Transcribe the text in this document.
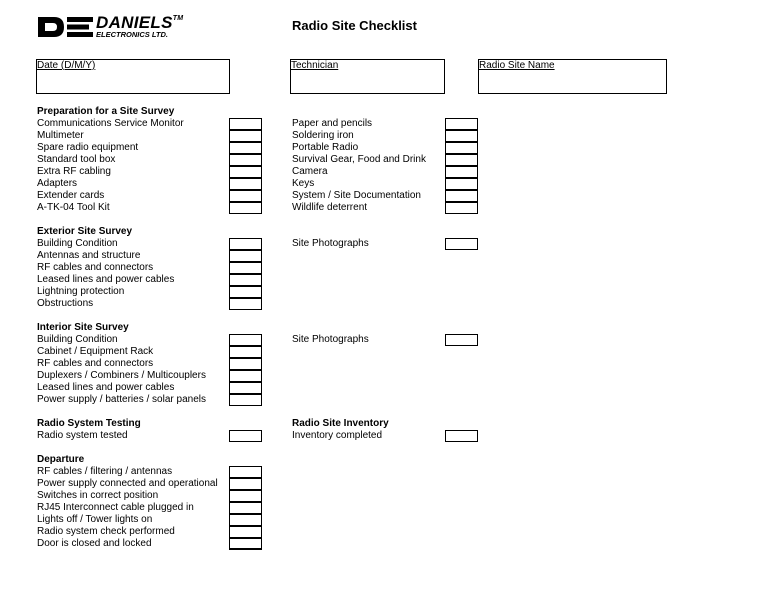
DANIELS™
ELECTRONICS LTD.
Radio Site Checklist
Date (D/M/Y)	Technician	Radio Site Name
Preparation for a Site Survey
Communications Service Monitor
Multimeter
Spare radio equipment
Standard tool box
Extra RF cabling
Adapters
Extender cards
A-TK-04 Tool Kit
Paper and pencils
Soldering iron
Portable Radio
Survival Gear, Food and Drink
Camera
Keys
System / Site Documentation
Wildlife deterrent
Exterior Site Survey
Building Condition
Antennas and structure
RF cables and connectors
Leased lines and power cables
Lightning protection
Obstructions
Site Photographs
Interior Site Survey
Building Condition
Cabinet / Equipment Rack
RF cables and connectors
Duplexers / Combiners / Multicouplers
Leased lines and power cables
Power supply / batteries / solar panels
Site Photographs
Radio System Testing
Radio system tested
Radio Site Inventory
Inventory completed
Departure
RF cables / filtering / antennas
Power supply connected and operational
Switches in correct position
RJ45 Interconnect cable plugged in
Lights off / Tower lights on
Radio system check performed
Door is closed and locked
